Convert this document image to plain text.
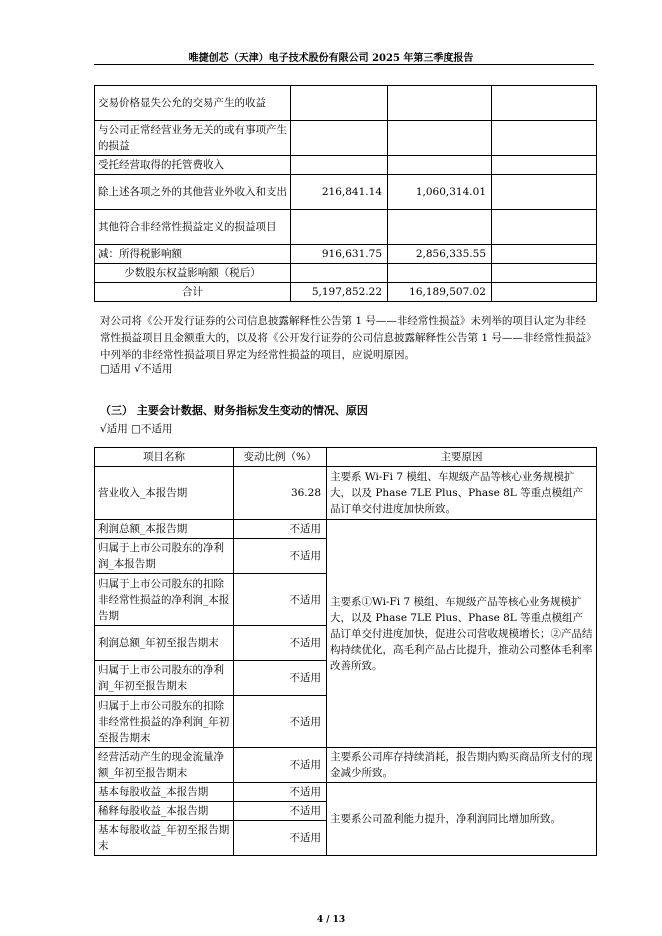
唯捷创芯（天津）电子技术股份有限公司 2025 年第三季度报告
交易价格显失公允的交易产生的收益			
与公司正常经营业务无关的或有事项产生的损益			
受托经营取得的托管费收入			
除上述各项之外的其他营业外收入和支出	216,841.14	1,060,314.01	
其他符合非经常性损益定义的损益项目			
减：所得税影响额	916,631.75	2,856,335.55	
少数股东权益影响额（税后）			
合计	5,197,852.22	16,189,507.02	
对公司将《公开发行证券的公司信息披露解释性公告第 1 号——非经常性损益》未列举的项目认定为非经常性损益项目且金额重大的，以及将《公开发行证券的公司信息披露解释性公告第 1 号——非经常性损益》中列举的非经常性损益项目界定为经常性损益的项目，应说明原因。
□适用 √不适用
（三） 主要会计数据、财务指标发生变动的情况、原因
√适用 □不适用
项目名称	变动比例（%）	主要原因
营业收入_本报告期	36.28	主要系 Wi-Fi 7 模组、车规级产品等核心业务规模扩大，以及 Phase 7LE Plus、Phase 8L 等重点模组产品订单交付进度加快所致。
利润总额_本报告期	不适用	主要系①Wi-Fi 7 模组、车规级产品等核心业务规模扩大，以及 Phase 7LE Plus、Phase 8L 等重点模组产品订单交付进度加快，促进公司营收规模增长；②产品结构持续优化，高毛利产品占比提升，推动公司整体毛利率改善所致。
归属于上市公司股东的净利润_本报告期	不适用	
归属于上市公司股东的扣除非经常性损益的净利润_本报告期	不适用	
利润总额_年初至报告期末	不适用	
归属于上市公司股东的净利润_年初至报告期末	不适用	
归属于上市公司股东的扣除非经常性损益的净利润_年初至报告期末	不适用	
经营活动产生的现金流量净额_年初至报告期末	不适用	主要系公司库存持续消耗，报告期内购买商品所支付的现金减少所致。
基本每股收益_本报告期	不适用	主要系公司盈利能力提升，净利润同比增加所致。
稀释每股收益_本报告期	不适用	
基本每股收益_年初至报告期末	不适用	
4 / 13
